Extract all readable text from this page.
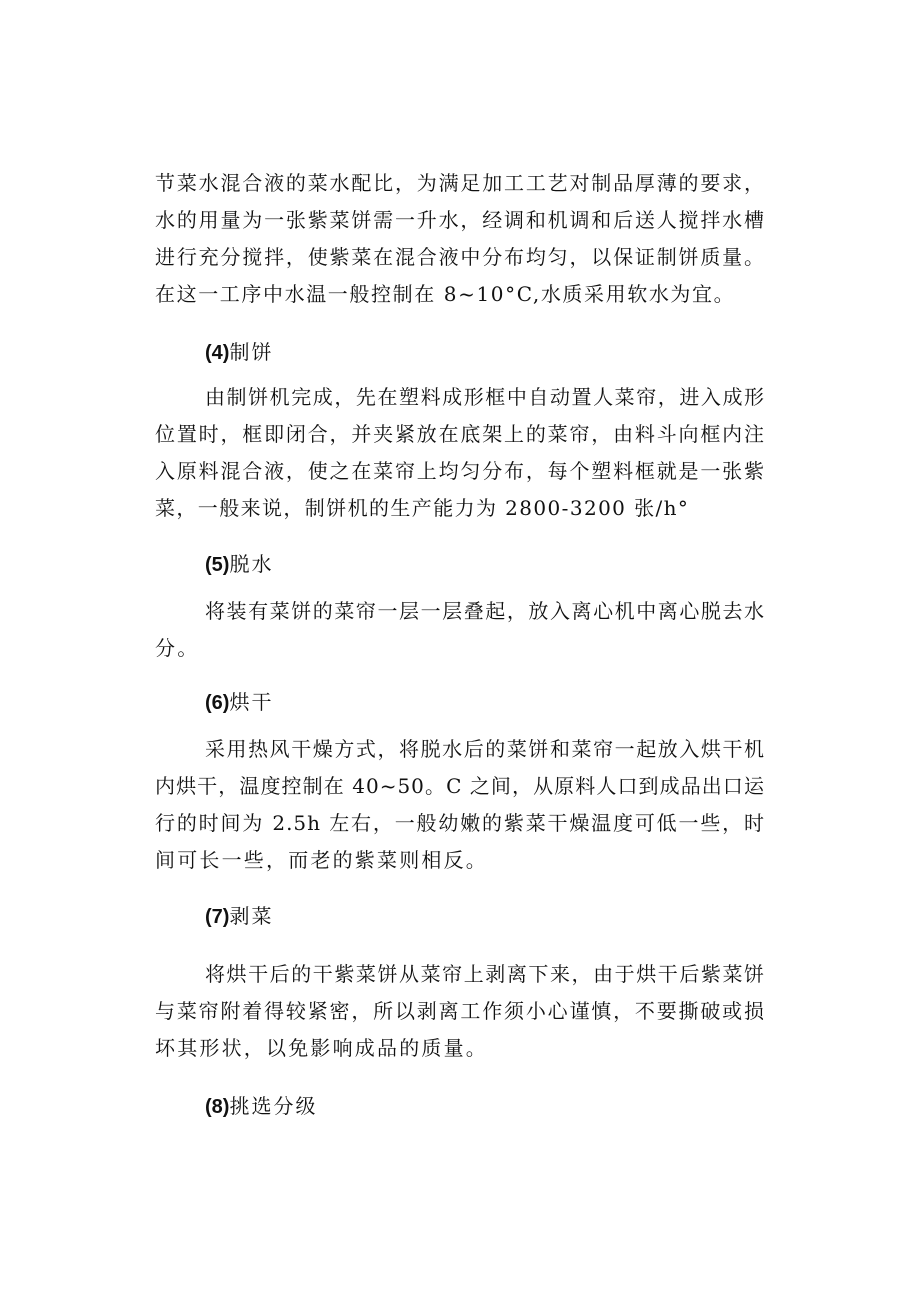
节菜水混合液的菜水配比，为满足加工工艺对制品厚薄的要求，
水的用量为一张紫菜饼需一升水，经调和机调和后送人搅拌水槽
进行充分搅拌，使紫菜在混合液中分布均匀，以保证制饼质量。
在这一工序中水温一般控制在 8~10°C,水质采用软水为宜。
(4)制饼
由制饼机完成，先在塑料成形框中自动置人菜帘，进入成形
位置时，框即闭合，并夹紧放在底架上的菜帘，由料斗向框内注
入原料混合液，使之在菜帘上均匀分布，每个塑料框就是一张紫
菜，一般来说，制饼机的生产能力为 2800-3200 张/h°
(5)脱水
将装有菜饼的菜帘一层一层叠起，放入离心机中离心脱去水
分。
(6)烘干
采用热风干燥方式，将脱水后的菜饼和菜帘一起放入烘干机
内烘干，温度控制在 40~50。C 之间，从原料人口到成品出口运
行的时间为 2.5h 左右，一般幼嫩的紫菜干燥温度可低一些，时
间可长一些，而老的紫菜则相反。
(7)剥菜
将烘干后的干紫菜饼从菜帘上剥离下来，由于烘干后紫菜饼
与菜帘附着得较紧密，所以剥离工作须小心谨慎，不要撕破或损
坏其形状，以免影响成品的质量。
(8)挑选分级
